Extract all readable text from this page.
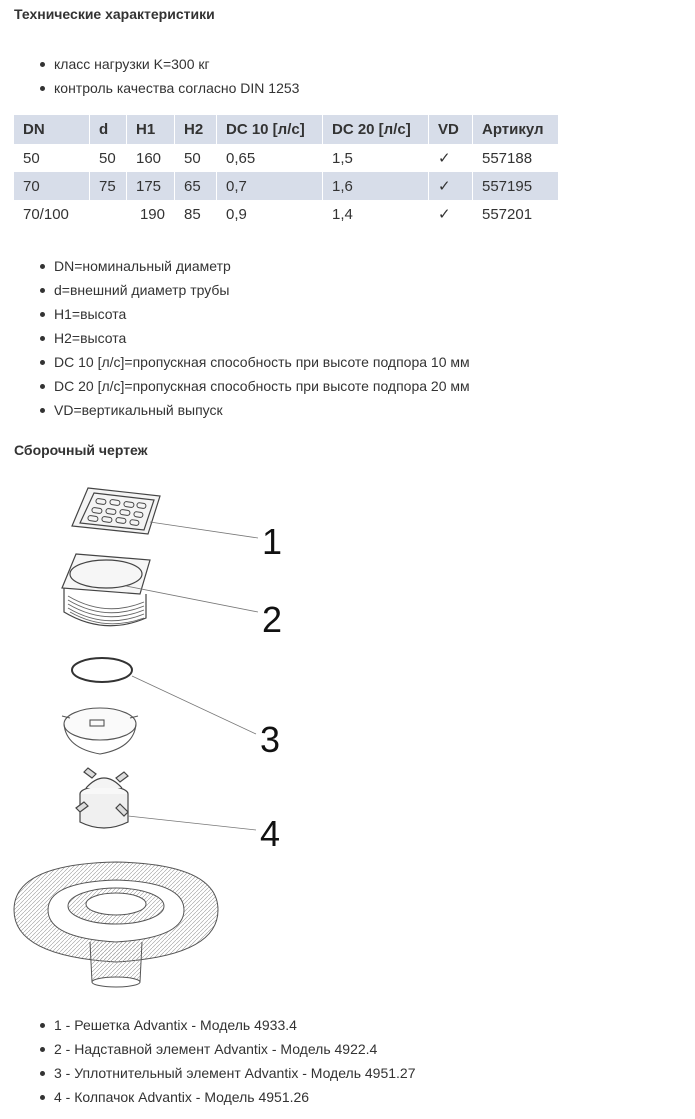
Технические характеристики
класс нагрузки K=300 кг
контроль качества согласно DIN 1253
DN	d	H1	H2	DC 10 [л/с]	DC 20 [л/с]	VD	Артикул
50	50	160	50	0,65	1,5	✓	557188
70	75	175	65	0,7	1,6	✓	557195
70/100		190	85	0,9	1,4	✓	557201
DN=номинальный диаметр
d=внешний диаметр трубы
H1=высота
H2=высота
DC 10 [л/с]=пропускная способность при высоте подпора 10 мм
DC 20 [л/с]=пропускная способность при высоте подпора 20 мм
VD=вертикальный выпуск
Сборочный чертеж
1
2
3
4
1 - Решетка Advantix - Модель 4933.4
2 - Надставной элемент Advantix - Модель 4922.4
3 - Уплотнительный элемент Advantix - Модель 4951.27
4 - Колпачок Advantix - Модель 4951.26
